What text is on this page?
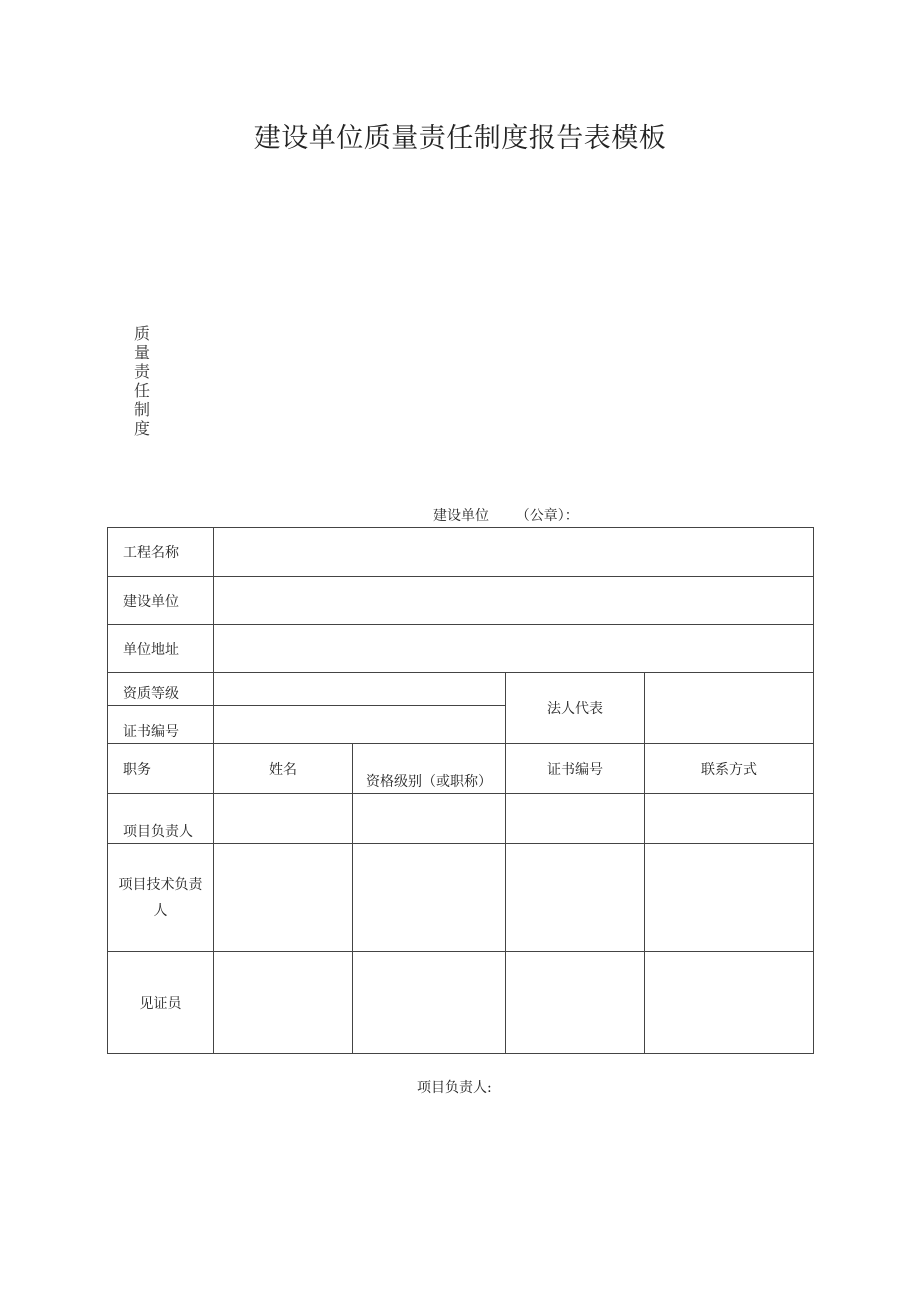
建设单位质量责任制度报告表模板
质
量
责
任
制
度
建设单位      （公章）：
工程名称				
建设单位				
单位地址				
资质等级			法人代表	
证书编号				
职务	姓名	资格级别（或职称）	证书编号	联系方式
项目负责人				
项目技术负责人				
见证员				
项目负责人:
